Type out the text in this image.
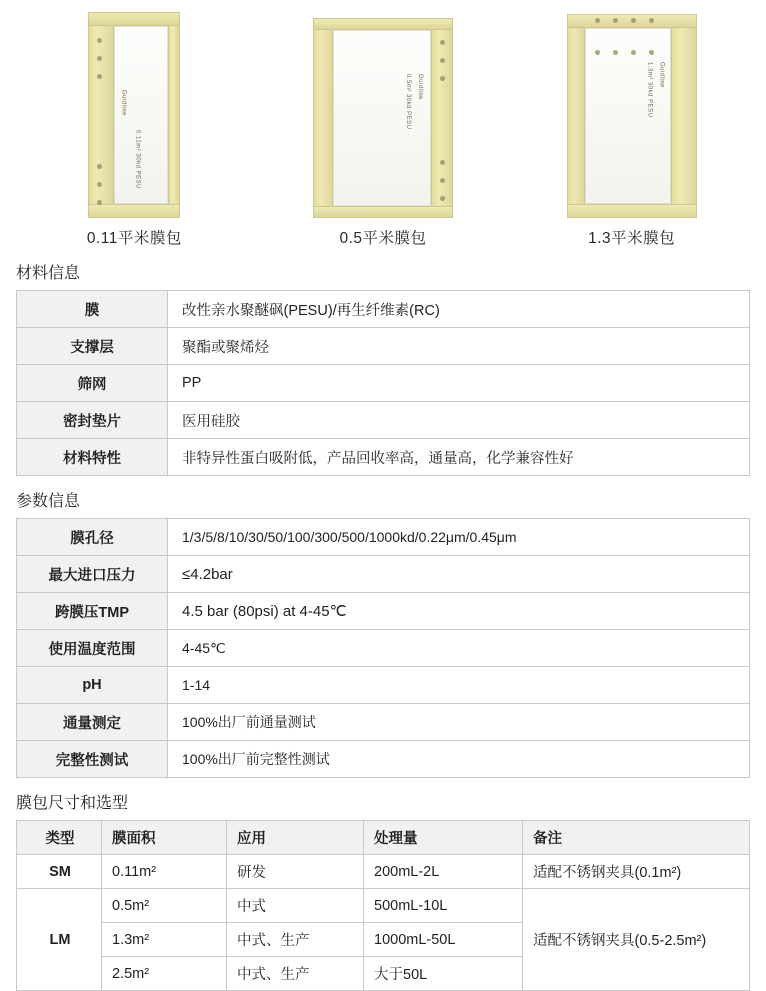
Guidline
0.11m² 30kd PESU
Guidline
0.5m² 30kd PESU	Guidline
1.3m² 30kd PESU
0.11平米膜包	0.5平米膜包	1.3平米膜包
材料信息
膜	改性亲水聚醚砜(PESU)/再生纤维素(RC)
支撑层	聚酯或聚烯烃
筛网	PP
密封垫片	医用硅胶
材料特性	非特异性蛋白吸附低，产品回收率高，通量高，化学兼容性好
参数信息
膜孔径	1/3/5/8/10/30/50/100/300/500/1000kd/0.22μm/0.45μm
最大进口压力	≤4.2bar
跨膜压TMP	4.5 bar (80psi) at 4-45℃
使用温度范围	4-45℃
pH	1-14
通量测定	100%出厂前通量测试
完整性测试	100%出厂前完整性测试
膜包尺寸和选型
类型	膜面积	应用	处理量	备注
SM	0.11m²	研发	200mL-2L	适配不锈钢夹具(0.1m²)
LM	0.5m²	中式	500mL-10L	适配不锈钢夹具(0.5-2.5m²)
	1.3m²	中式、生产	1000mL-50L	
	2.5m²	中式、生产	大于50L	
